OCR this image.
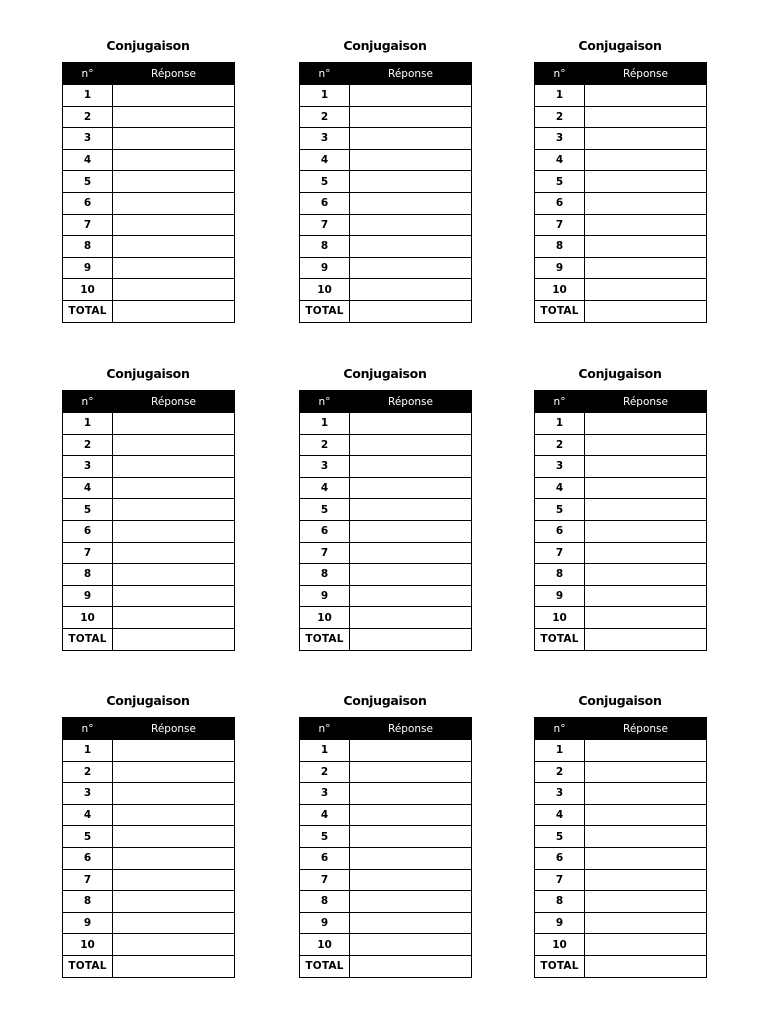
Conjugaison
n°	Réponse
1	
2	
3	
4	
5	
6	
7	
8	
9	
10	
TOTAL	
Conjugaison
n°	Réponse
1	
2	
3	
4	
5	
6	
7	
8	
9	
10	
TOTAL	
Conjugaison
n°	Réponse
1	
2	
3	
4	
5	
6	
7	
8	
9	
10	
TOTAL	
Conjugaison
n°	Réponse
1	
2	
3	
4	
5	
6	
7	
8	
9	
10	
TOTAL	
Conjugaison
n°	Réponse
1	
2	
3	
4	
5	
6	
7	
8	
9	
10	
TOTAL	
Conjugaison
n°	Réponse
1	
2	
3	
4	
5	
6	
7	
8	
9	
10	
TOTAL	
Conjugaison
n°	Réponse
1	
2	
3	
4	
5	
6	
7	
8	
9	
10	
TOTAL	
Conjugaison
n°	Réponse
1	
2	
3	
4	
5	
6	
7	
8	
9	
10	
TOTAL	
Conjugaison
n°	Réponse
1	
2	
3	
4	
5	
6	
7	
8	
9	
10	
TOTAL	
